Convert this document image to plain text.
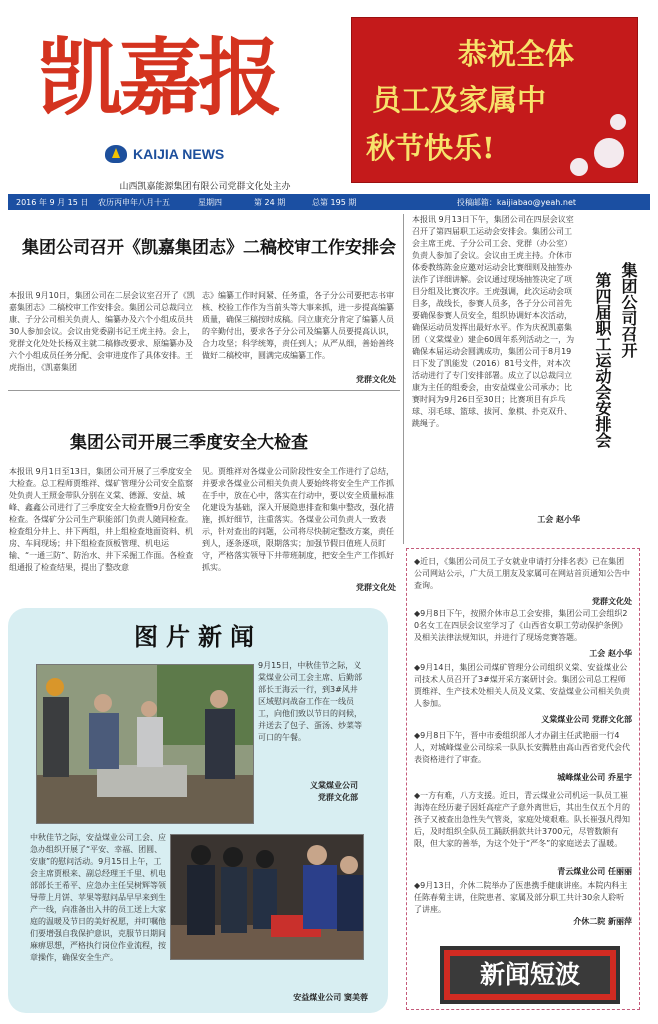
凯嘉报
KAIJIA NEWS
山西凯嘉能源集团有限公司党群文化处主办
恭祝全体
员工及家属中
秋节快乐!
2016 年 9 月 15 日	农历丙申年八月十五	星期四	第 24 期	总第 195 期	投稿邮箱：kaijiabao@yeah.net
集团公司召开《凯嘉集团志》二稿校审工作安排会
本报讯 9月10日，集团公司在二层会议室召开了《凯嘉集团志》二稿校审工作安排会。集团公司总裁闫立康、子分公司相关负责人、编纂办及六个小组成员共30人参加会议。会议由党委副书记王虎主持。会上，党群文化处处长杨双主就二稿修改要求、原编纂办及六个小组成员任务分配、会审进度作了具体安排。王虎指出，《凯嘉集团
志》编纂工作时间紧、任务重，各子分公司要把志书审核、校验工作作为当前头等大事来抓，进一步提高编纂质量，确保三稿按时成稿。闫立康充分肯定了编纂人员的辛勤付出，要求各子分公司及编纂人员要提高认识，合力攻坚；科学统筹，责任到人；从严从细，善始善终做好二稿校审，圆满完成编纂工作。
党群文化处
集团公司开展三季度安全大检查
本报讯 9月1日至13日，集团公司开展了三季度安全大检查。总工程师贾维祥、煤矿管理分公司安全监察处负责人王照金带队分别在义棠、德源、安益、城峰、鑫鑫公司进行了三季度安全大检查暨9月份安全检查。各煤矿分公司生产职能部门负责人随同检查。检查组分井上、井下两组，井上组检查地面资料、机房、车间现场；井下组检查顶板管理、机电运输、“一通三防”、防治水、井下采掘工作面。各检查组通报了检查结果，提出了整改意
见。贾维祥对各煤业公司阶段性安全工作进行了总结，并要求各煤业公司相关负责人要始终将安全生产工作抓在手中，放在心中，落实在行动中，要以安全质量标准化建设为基础，深入开展隐患排查和集中整改，强化措施，抓好细节，注重落实。各煤业公司负责人一致表示，针对查出的问题，公司将尽快制定整改方案，责任到人，逐条逐项，限期落实；加强节假日值班人员盯守，严格落实领导下井带班制度，把安全生产工作抓好抓实。
党群文化处
本报讯 9月13日下午，集团公司在四层会议室召开了第四届职工运动会安排会。集团公司工会主席王虎、子分公司工会、党群（办公室）负责人参加了会议。会议由王虎主持。介休市体委教练陈金应邀对运动会比赛细则及抽签办法作了详细讲解。会议通过现场抽签决定了项目分组及比赛次序。王虎强调，此次运动会项目多，战线长，参赛人员多，各子分公司首先要确保参赛人员安全，组织协调好本次活动，确保运动员发挥出最好水平。作为庆祝凯嘉集团（义棠煤业）建企60周年系列活动之一，为确保本届运动会圆满成功，集团公司于8月19日下发了凯能发（2016）81号文件，对本次活动进行了专门安排部署。成立了以总裁闫立康为主任的组委会，由安益煤业公司承办；比赛时间为9月26日至30日；比赛项目有乒乓球、羽毛球、篮球、拔河、象棋、扑克双升、跳绳子。
集团公司召开
第四届职工运动会安排会
工会 赵小华
图片新闻
9月15日，中秋佳节之际，义棠煤业公司工会主席、后勤部部长王海云一行，到3#风井区域慰问战奋工作在一线员工，向他们致以节日的问候，并送去了包子、蛋汤、炒菜等可口的午餐。
义棠煤业公司
党群文化部
中秋佳节之际，安益煤业公司工会、应急办组织开展了“平安、幸福、团圆、安康”的慰问活动。9月15日上午，工会主席贾根来、副总经理王千里、机电部部长王希平、应急办主任吴树辉等领导带上月饼、苹果等慰问品早早来到生产一线，向准备出入井的员工送上大家庭的温暖及节日的美好祝愿，并叮嘱他们要增强自我保护意识，克服节日期间麻痹思想，严格执行岗位作业流程，按章操作，确保安全生产。
安益煤业公司 窦美蓉
◆近日，《集团公司员工子女就业申请打分排名表》已在集团公司网站公示，广大员工朋友及家属可在网站首页通知公告中查询。
党群文化处
◆9月8日下午，按照介休市总工会安排，集团公司工会组织20名女工在四层会议室学习了《山西省女职工劳动保护条例》及相关法律法规知识，并进行了现场竞赛答题。
工会 赵小华
◆9月14日，集团公司煤矿管理分公司组织义棠、安益煤业公司技术人员召开了3#煤开采方案研讨会。集团公司总工程师贾维祥、生产技术处相关人员及义棠、安益煤业公司相关负责人参加。
义棠煤业公司 党群文化部
◆9月8日下午，晋中市委组织部人才办副主任武艳丽一行4人，对城峰煤业公司综采一队队长安腾胜由高山西省党代会代表资格进行了审查。
城峰煤业公司 乔星宇
◆一方有难，八方支援。近日，青云煤业公司机运一队员工崔海涛在经历妻子因妊高症产子意外离世后，其出生仅五个月的孩子又被查出急性失气管炎，家庭处境艰难。队长崔强凡得知后，及时组织全队员工踊跃捐款共计3700元，尽管数额有限，但大家的善举，为这个处于“严冬”的家庭送去了温暖。
青云煤业公司 任丽丽
◆9月13日，介休二院举办了医患携手健康讲座。本院内科主任陈春菊主讲，住院患者、家属及部分职工共计30余人聆听了讲座。
介休二院 新丽萍
新闻短波
